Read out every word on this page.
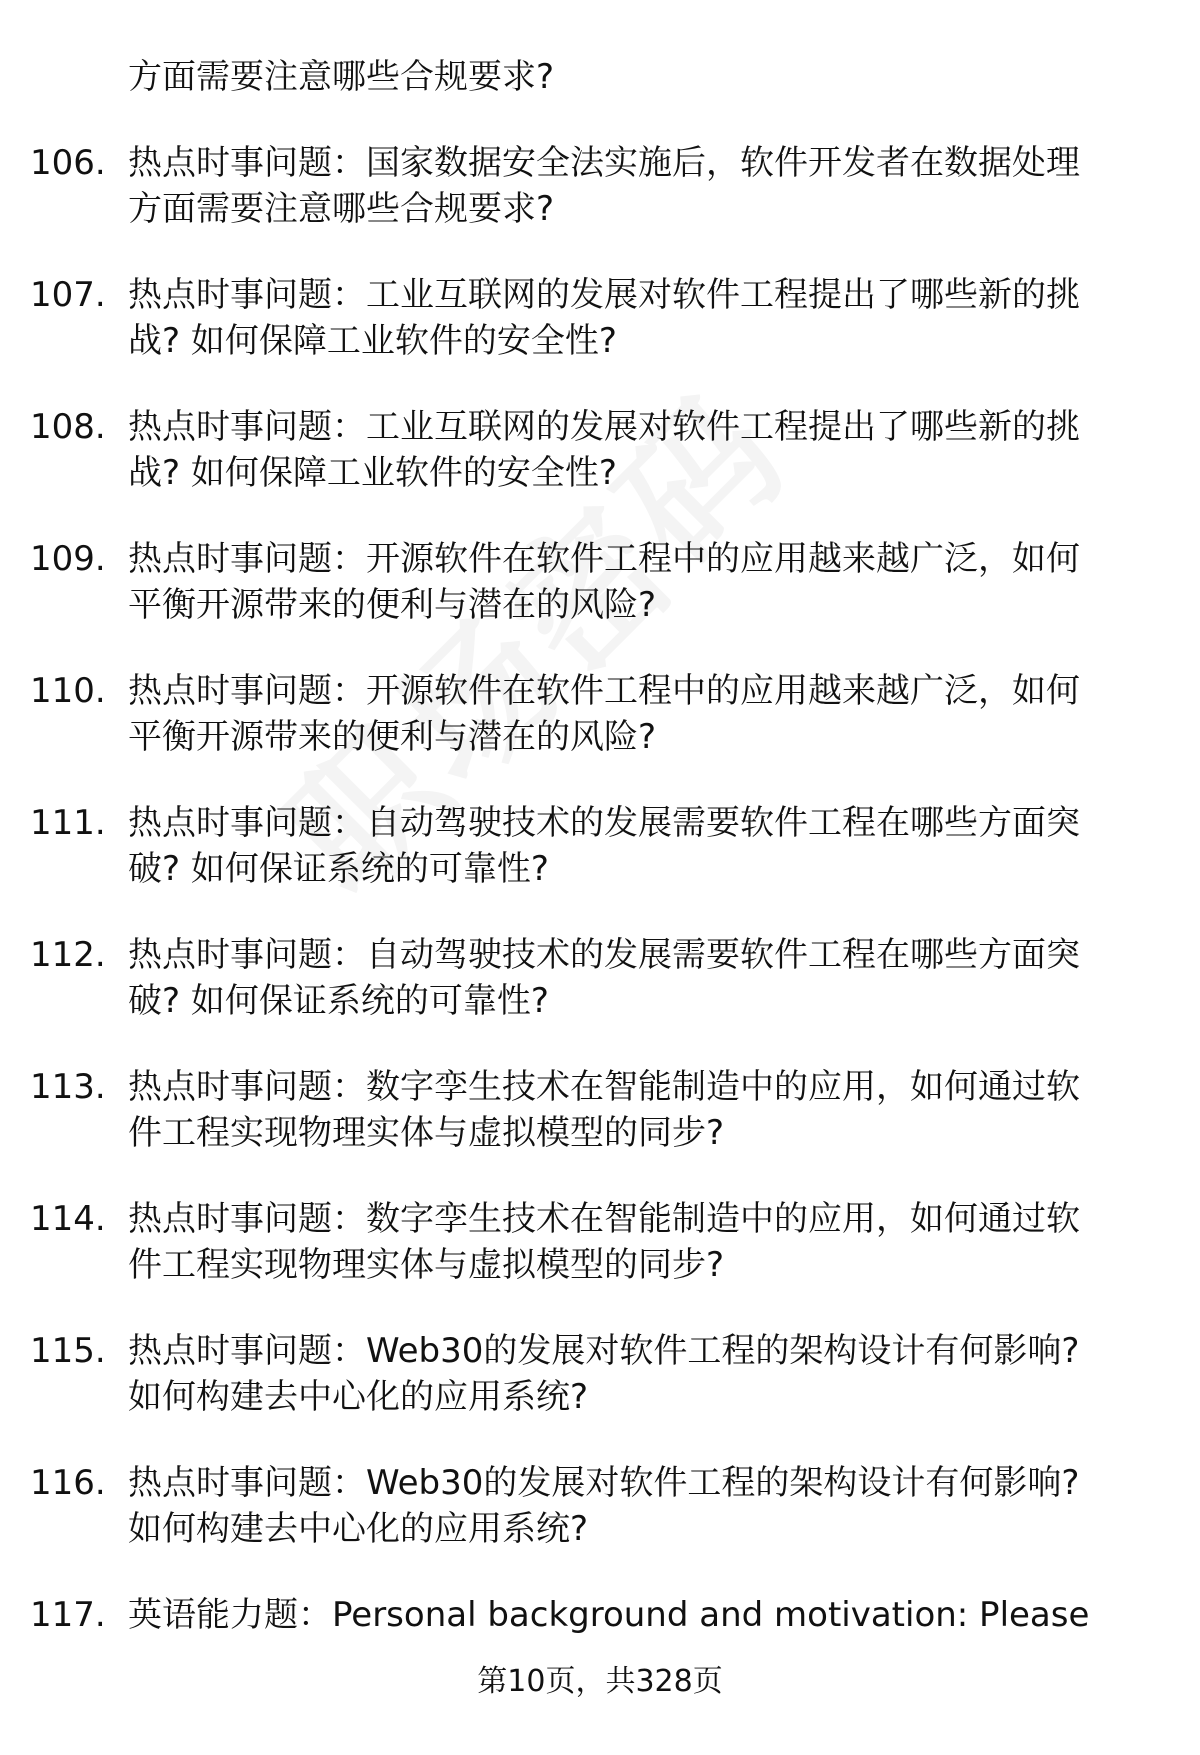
方面需要注意哪些合规要求?
106. 热点时事问题：国家数据安全法实施后，软件开发者在数据处理
方面需要注意哪些合规要求?
107. 热点时事问题：工业互联网的发展对软件工程提出了哪些新的挑
战? 如何保障工业软件的安全性?
108. 热点时事问题：工业互联网的发展对软件工程提出了哪些新的挑
战? 如何保障工业软件的安全性?
109. 热点时事问题：开源软件在软件工程中的应用越来越广泛，如何
平衡开源带来的便利与潜在的风险?
110. 热点时事问题：开源软件在软件工程中的应用越来越广泛，如何
平衡开源带来的便利与潜在的风险?
111. 热点时事问题：自动驾驶技术的发展需要软件工程在哪些方面突
破? 如何保证系统的可靠性?
112. 热点时事问题：自动驾驶技术的发展需要软件工程在哪些方面突
破? 如何保证系统的可靠性?
113. 热点时事问题：数字孪生技术在智能制造中的应用，如何通过软
件工程实现物理实体与虚拟模型的同步?
114. 热点时事问题：数字孪生技术在智能制造中的应用，如何通过软
件工程实现物理实体与虚拟模型的同步?
115. 热点时事问题：Web30的发展对软件工程的架构设计有何影响?
如何构建去中心化的应用系统?
116. 热点时事问题：Web30的发展对软件工程的架构设计有何影响?
如何构建去中心化的应用系统?
117. 英语能力题：Personal background and motivation: Please
第10页，共328页
